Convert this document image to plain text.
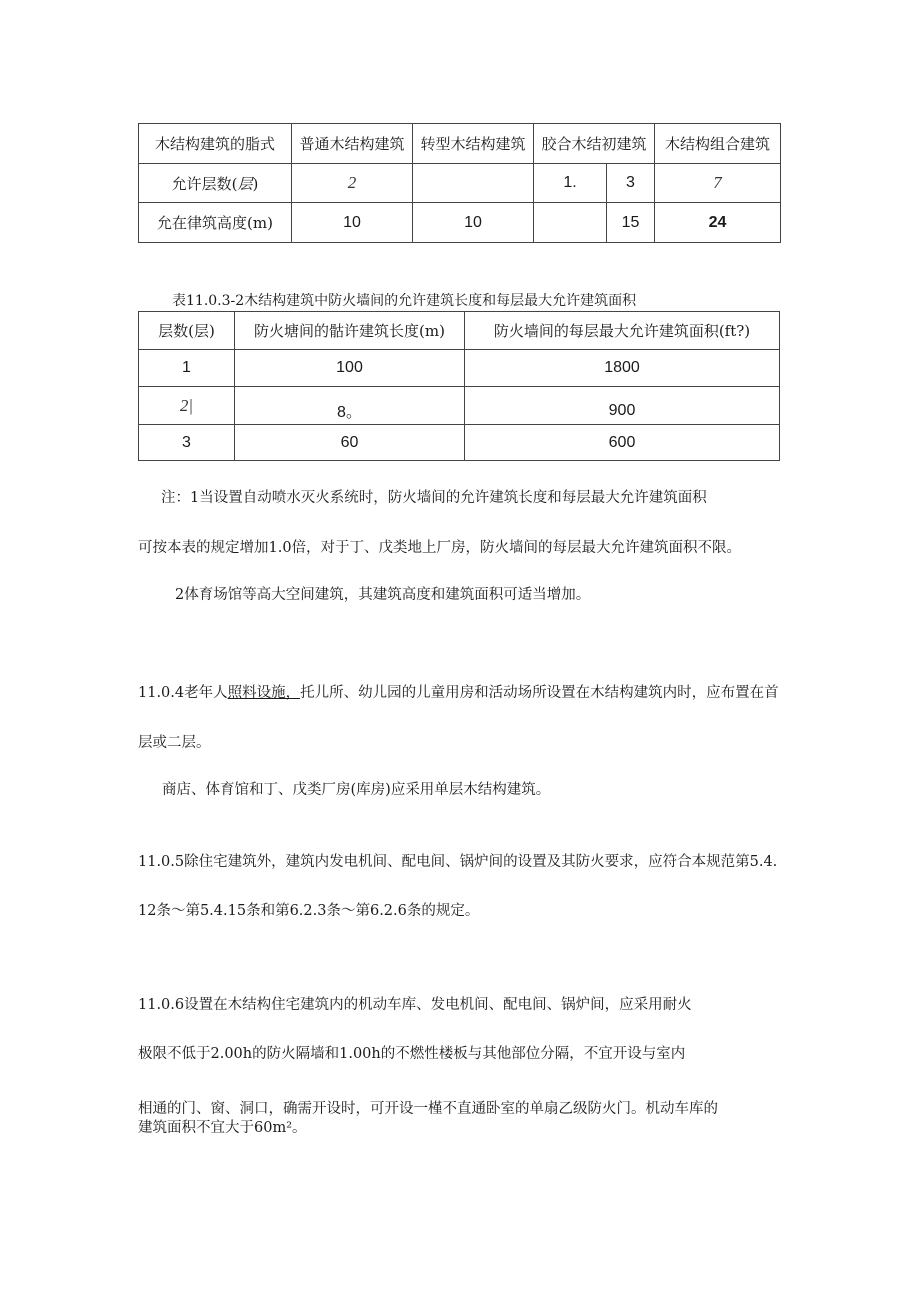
木结构建筑的脂式	普通木结构建筑	转型木结构建筑	胶合木结初建筑		木结构组合建筑
允许层数(层)	2		1.	3	7
允在律筑高度(m)	10	10		15	24
表11.0.3-2木结构建筑中防火墙间的允许建筑长度和每层最大允许建筑面积
层数(层)	防火塘间的骷许建筑长度(m)	防火墙间的每层最大允许建筑面积(ft?)
1	100	1800
2|	8。	900
3	60	600
注：1当设置自动喷水灭火系统时，防火墙间的允许建筑长度和每层最大允许建筑面积
可按本表的规定增加1.0倍，对于丁、戊类地上厂房，防火墙间的每层最大允许建筑面积不限。
2体育场馆等高大空间建筑，其建筑高度和建筑面积可适当增加。
11.0.4老年人照料设施，托儿所、幼儿园的儿童用房和活动场所设置在木结构建筑内时，应布置在首
层或二层。
商店、体育馆和丁、戊类厂房(库房)应采用单层木结构建筑。
11.0.5除住宅建筑外，建筑内发电机间、配电间、锅炉间的设置及其防火要求，应符合本规范第5.4.
12条～第5.4.15条和第6.2.3条～第6.2.6条的规定。
11.0.6设置在木结构住宅建筑内的机动车库、发电机间、配电间、锅炉间，应采用耐火
极限不低于2.00h的防火隔墙和1.00h的不燃性楼板与其他部位分隔，不宜开设与室内
相通的门、窗、洞口，确需开设时，可开设一槿不直通卧室的单扇乙级防火门。机动车库的
建筑面积不宜大于60m²。
